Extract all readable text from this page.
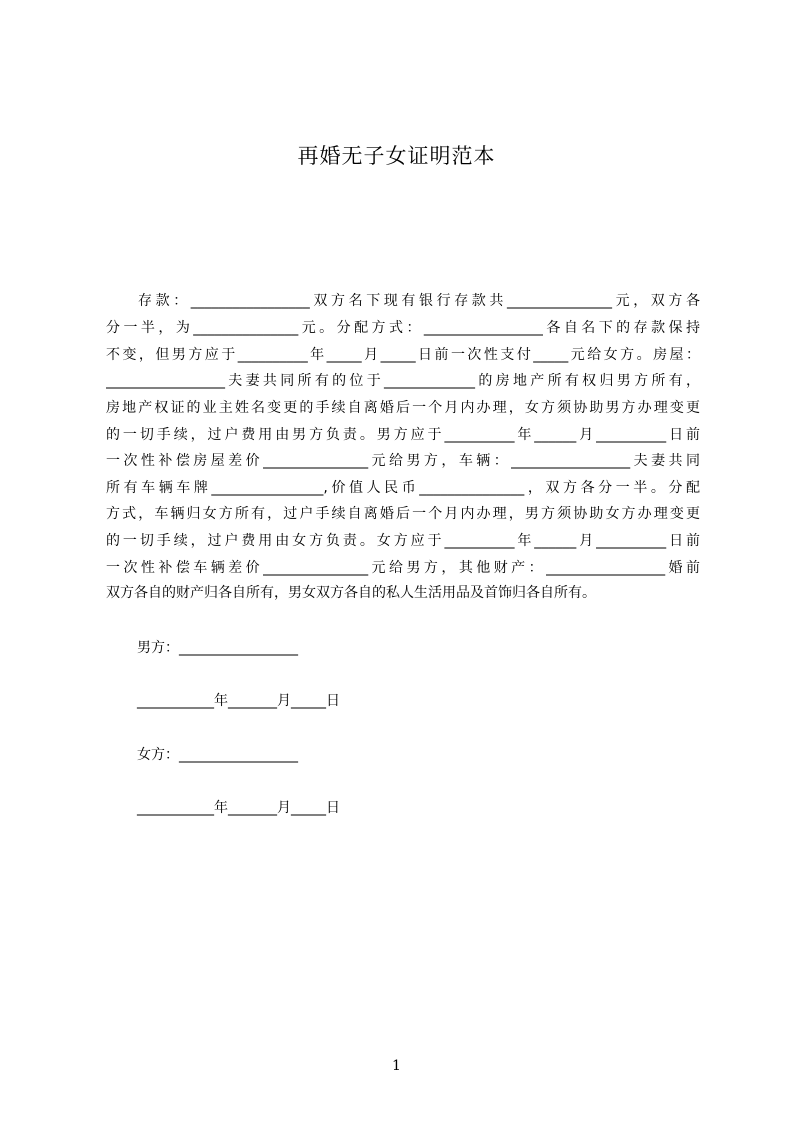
再婚无子女证明范本
存款：_________________双方名下现有银行存款共_______________元，双方各
分一半，为_______________元。分配方式：_________________各自名下的存款保持
不变，但男方应于__________年_____月_____日前一次性支付_____元给女方。房屋：
_________________夫妻共同所有的位于_____________的房地产所有权归男方所有，
房地产权证的业主姓名变更的手续自离婚后一个月内办理，女方须协助男方办理变更
的一切手续，过户费用由男方负责。男方应于__________年______月__________日前
一次性补偿房屋差价_______________元给男方，车辆：_________________夫妻共同
所有车辆车牌________________,价值人民币_______________，双方各分一半。分配
方式，车辆归女方所有，过户手续自离婚后一个月内办理，男方须协助女方办理变更
的一切手续，过户费用由女方负责。女方应于__________年______月__________日前
一次性补偿车辆差价_______________元给男方，其他财产：_________________婚前
双方各自的财产归各自所有，男女双方各自的私人生活用品及首饰归各自所有。
男方：_________________
___________年_______月_____日
女方：_________________
___________年_______月_____日
1
